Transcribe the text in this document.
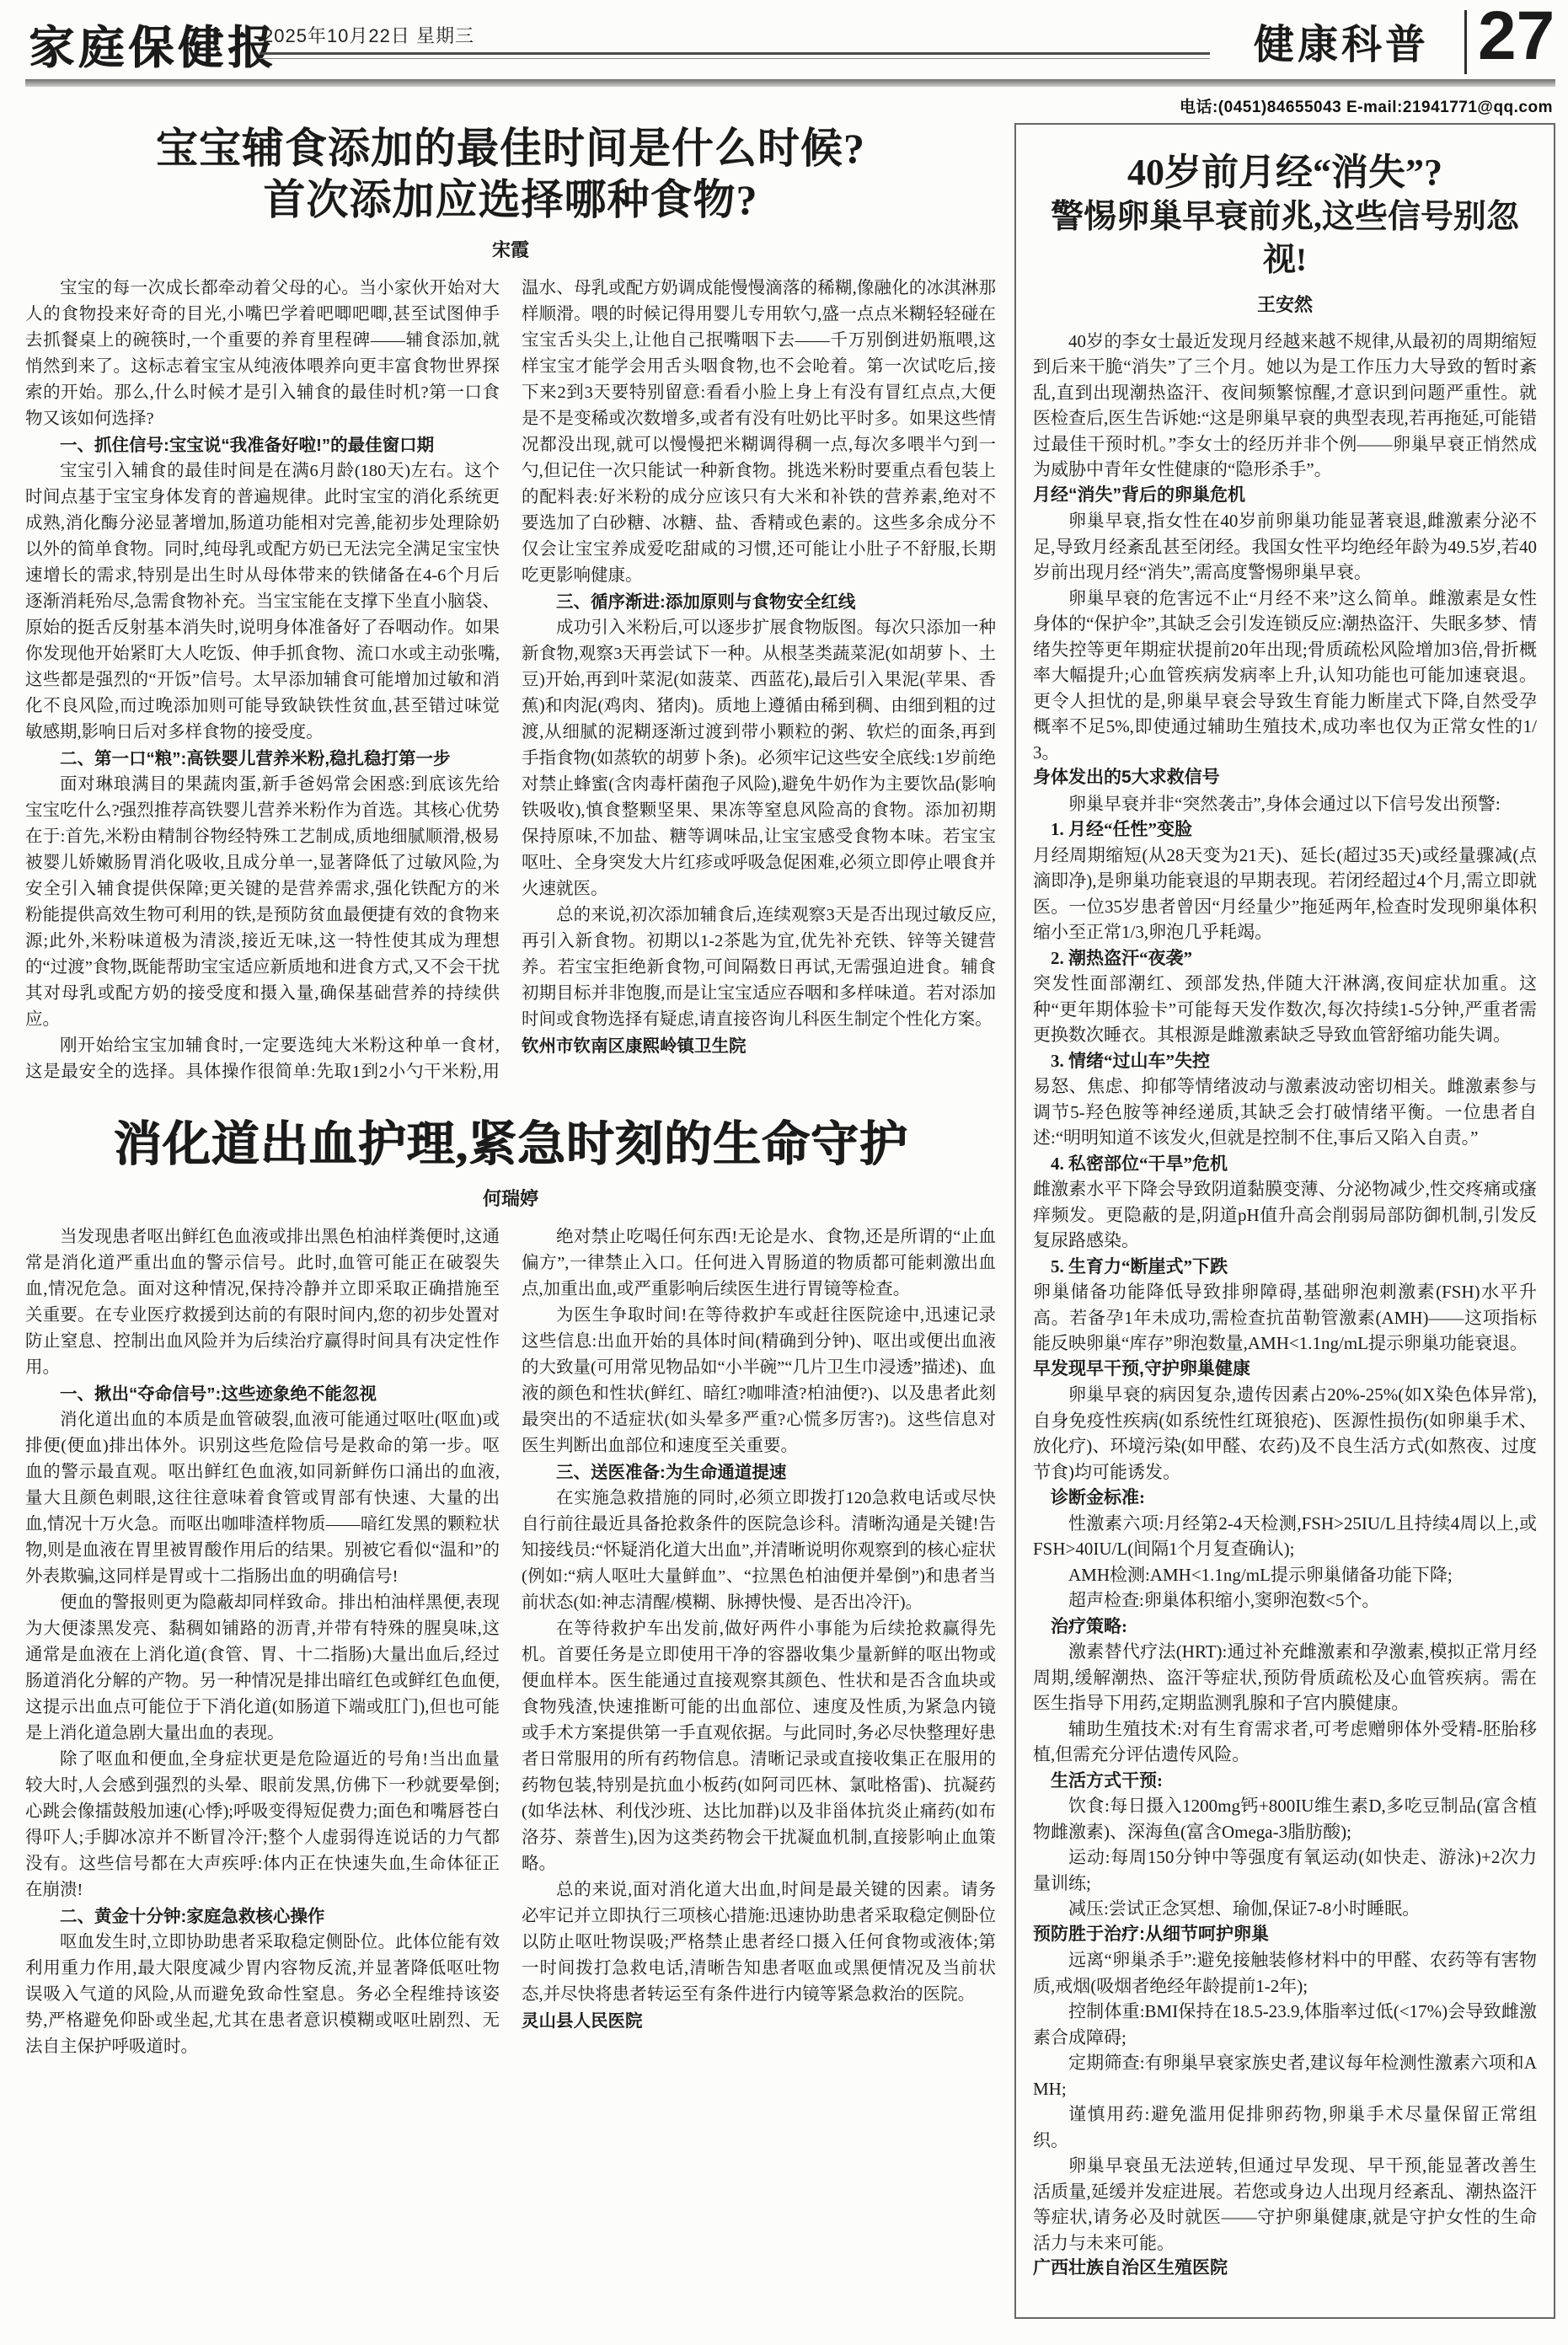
家庭保健报
2025年10月22日 星期三	健康科普 27
电话:(0451)84655043 E-mail:21941771@qq.com
宝宝辅食添加的最佳时间是什么时候?
首次添加应选择哪种食物?
宋霞

宝宝的每一次成长都牵动着父母的心。当小家伙开始对大人的食物投来好奇的目光,小嘴巴学着吧唧吧唧,甚至试图伸手去抓餐桌上的碗筷时,一个重要的养育里程碑——辅食添加,就悄然到来了。这标志着宝宝从纯液体喂养向更丰富食物世界探索的开始。那么,什么时候才是引入辅食的最佳时机?第一口食物又该如何选择?

一、抓住信号:宝宝说“我准备好啦!”的最佳窗口期

宝宝引入辅食的最佳时间是在满6月龄(180天)左右。这个时间点基于宝宝身体发育的普遍规律。此时宝宝的消化系统更成熟,消化酶分泌显著增加,肠道功能相对完善,能初步处理除奶以外的简单食物。同时,纯母乳或配方奶已无法完全满足宝宝快速增长的需求,特别是出生时从母体带来的铁储备在4-6个月后逐渐消耗殆尽,急需食物补充。当宝宝能在支撑下坐直小脑袋、原始的挺舌反射基本消失时,说明身体准备好了吞咽动作。如果你发现他开始紧盯大人吃饭、伸手抓食物、流口水或主动张嘴,这些都是强烈的“开饭”信号。太早添加辅食可能增加过敏和消化不良风险,而过晚添加则可能导致缺铁性贫血,甚至错过味觉敏感期,影响日后对多样食物的接受度。

二、第一口“粮”:高铁婴儿营养米粉,稳扎稳打第一步

面对琳琅满目的果蔬肉蛋,新手爸妈常会困惑:到底该先给宝宝吃什么?强烈推荐高铁婴儿营养米粉作为首选。其核心优势在于:首先,米粉由精制谷物经特殊工艺制成,质地细腻顺滑,极易被婴儿娇嫩肠胃消化吸收,且成分单一,显著降低了过敏风险,为安全引入辅食提供保障;更关键的是营养需求,强化铁配方的米粉能提供高效生物可利用的铁,是预防贫血最便捷有效的食物来源;此外,米粉味道极为清淡,接近无味,这一特性使其成为理想的“过渡”食物,既能帮助宝宝适应新质地和进食方式,又不会干扰其对母乳或配方奶的接受度和摄入量,确保基础营养的持续供应。

刚开始给宝宝加辅食时,一定要选纯大米粉这种单一食材,这是最安全的选择。具体操作很简单:先取1到2小勺干米粉,用温水、母乳或配方奶调成能慢慢滴落的稀糊,像融化的冰淇淋那样顺滑。喂的时候记得用婴儿专用软勺,盛一点点米糊轻轻碰在宝宝舌头尖上,让他自己抿嘴咽下去——千万别倒进奶瓶喂,这样宝宝才能学会用舌头咽食物,也不会呛着。第一次试吃后,接下来2到3天要特别留意:看看小脸上身上有没有冒红点点,大便是不是变稀或次数增多,或者有没有吐奶比平时多。如果这些情况都没出现,就可以慢慢把米糊调得稠一点,每次多喂半勺到一勺,但记住一次只能试一种新食物。挑选米粉时要重点看包装上的配料表:好米粉的成分应该只有大米和补铁的营养素,绝对不要选加了白砂糖、冰糖、盐、香精或色素的。这些多余成分不仅会让宝宝养成爱吃甜咸的习惯,还可能让小肚子不舒服,长期吃更影响健康。

三、循序渐进:添加原则与食物安全红线

成功引入米粉后,可以逐步扩展食物版图。每次只添加一种新食物,观察3天再尝试下一种。从根茎类蔬菜泥(如胡萝卜、土豆)开始,再到叶菜泥(如菠菜、西蓝花),最后引入果泥(苹果、香蕉)和肉泥(鸡肉、猪肉)。质地上遵循由稀到稠、由细到粗的过渡,从细腻的泥糊逐渐过渡到带小颗粒的粥、软烂的面条,再到手指食物(如蒸软的胡萝卜条)。必须牢记这些安全底线:1岁前绝对禁止蜂蜜(含肉毒杆菌孢子风险),避免牛奶作为主要饮品(影响铁吸收),慎食整颗坚果、果冻等窒息风险高的食物。添加初期保持原味,不加盐、糖等调味品,让宝宝感受食物本味。若宝宝呕吐、全身突发大片红疹或呼吸急促困难,必须立即停止喂食并火速就医。

总的来说,初次添加辅食后,连续观察3天是否出现过敏反应,再引入新食物。初期以1-2茶匙为宜,优先补充铁、锌等关键营养。若宝宝拒绝新食物,可间隔数日再试,无需强迫进食。辅食初期目标并非饱腹,而是让宝宝适应吞咽和多样味道。若对添加时间或食物选择有疑虑,请直接咨询儿科医生制定个性化方案。

钦州市钦南区康熙岭镇卫生院

消化道出血护理,紧急时刻的生命守护
何瑞婷

当发现患者呕出鲜红色血液或排出黑色柏油样粪便时,这通常是消化道严重出血的警示信号。此时,血管可能正在破裂失血,情况危急。面对这种情况,保持冷静并立即采取正确措施至关重要。在专业医疗救援到达前的有限时间内,您的初步处置对防止窒息、控制出血风险并为后续治疗赢得时间具有决定性作用。

一、揪出“夺命信号”:这些迹象绝不能忽视

消化道出血的本质是血管破裂,血液可能通过呕吐(呕血)或排便(便血)排出体外。识别这些危险信号是救命的第一步。呕血的警示最直观。呕出鲜红色血液,如同新鲜伤口涌出的血液,量大且颜色刺眼,这往往意味着食管或胃部有快速、大量的出血,情况十万火急。而呕出咖啡渣样物质——暗红发黑的颗粒状物,则是血液在胃里被胃酸作用后的结果。别被它看似“温和”的外表欺骗,这同样是胃或十二指肠出血的明确信号!

便血的警报则更为隐蔽却同样致命。排出柏油样黑便,表现为大便漆黑发亮、黏稠如铺路的沥青,并带有特殊的腥臭味,这通常是血液在上消化道(食管、胃、十二指肠)大量出血后,经过肠道消化分解的产物。另一种情况是排出暗红色或鲜红色血便,这提示出血点可能位于下消化道(如肠道下端或肛门),但也可能是上消化道急剧大量出血的表现。

除了呕血和便血,全身症状更是危险逼近的号角!当出血量较大时,人会感到强烈的头晕、眼前发黑,仿佛下一秒就要晕倒;心跳会像擂鼓般加速(心悸);呼吸变得短促费力;面色和嘴唇苍白得吓人;手脚冰凉并不断冒冷汗;整个人虚弱得连说话的力气都没有。这些信号都在大声疾呼:体内正在快速失血,生命体征正在崩溃!

二、黄金十分钟:家庭急救核心操作

呕血发生时,立即协助患者采取稳定侧卧位。此体位能有效利用重力作用,最大限度减少胃内容物反流,并显著降低呕吐物误吸入气道的风险,从而避免致命性窒息。务必全程维持该姿势,严格避免仰卧或坐起,尤其在患者意识模糊或呕吐剧烈、无法自主保护呼吸道时。

绝对禁止吃喝任何东西!无论是水、食物,还是所谓的“止血偏方”,一律禁止入口。任何进入胃肠道的物质都可能刺激出血点,加重出血,或严重影响后续医生进行胃镜等检查。

为医生争取时间!在等待救护车或赶往医院途中,迅速记录这些信息:出血开始的具体时间(精确到分钟)、呕出或便出血液的大致量(可用常见物品如“小半碗”“几片卫生巾浸透”描述)、血液的颜色和性状(鲜红、暗红?咖啡渣?柏油便?)、以及患者此刻最突出的不适症状(如头晕多严重?心慌多厉害?)。这些信息对医生判断出血部位和速度至关重要。

三、送医准备:为生命通道提速

在实施急救措施的同时,必须立即拨打120急救电话或尽快自行前往最近具备抢救条件的医院急诊科。清晰沟通是关键!告知接线员:“怀疑消化道大出血”,并清晰说明你观察到的核心症状(例如:“病人呕吐大量鲜血”、“拉黑色柏油便并晕倒”)和患者当前状态(如:神志清醒/模糊、脉搏快慢、是否出冷汗)。

在等待救护车出发前,做好两件小事能为后续抢救赢得先机。首要任务是立即使用干净的容器收集少量新鲜的呕出物或便血样本。医生能通过直接观察其颜色、性状和是否含血块或食物残渣,快速推断可能的出血部位、速度及性质,为紧急内镜或手术方案提供第一手直观依据。与此同时,务必尽快整理好患者日常服用的所有药物信息。清晰记录或直接收集正在服用的药物包装,特别是抗血小板药(如阿司匹林、氯吡格雷)、抗凝药(如华法林、利伐沙班、达比加群)以及非甾体抗炎止痛药(如布洛芬、萘普生),因为这类药物会干扰凝血机制,直接影响止血策略。

总的来说,面对消化道大出血,时间是最关键的因素。请务必牢记并立即执行三项核心措施:迅速协助患者采取稳定侧卧位以防止呕吐物误吸;严格禁止患者经口摄入任何食物或液体;第一时间拨打急救电话,清晰告知患者呕血或黑便情况及当前状态,并尽快将患者转运至有条件进行内镜等紧急救治的医院。

灵山县人民医院

40岁前月经“消失”?
警惕卵巢早衰前兆,这些信号别忽视!
王安然

40岁的李女士最近发现月经越来越不规律,从最初的周期缩短到后来干脆“消失”了三个月。她以为是工作压力大导致的暂时紊乱,直到出现潮热盗汗、夜间频繁惊醒,才意识到问题严重性。就医检查后,医生告诉她:“这是卵巢早衰的典型表现,若再拖延,可能错过最佳干预时机。”李女士的经历并非个例——卵巢早衰正悄然成为威胁中青年女性健康的“隐形杀手”。

月经“消失”背后的卵巢危机

卵巢早衰,指女性在40岁前卵巢功能显著衰退,雌激素分泌不足,导致月经紊乱甚至闭经。我国女性平均绝经年龄为49.5岁,若40岁前出现月经“消失”,需高度警惕卵巢早衰。

卵巢早衰的危害远不止“月经不来”这么简单。雌激素是女性身体的“保护伞”,其缺乏会引发连锁反应:潮热盗汗、失眠多梦、情绪失控等更年期症状提前20年出现;骨质疏松风险增加3倍,骨折概率大幅提升;心血管疾病发病率上升,认知功能也可能加速衰退。更令人担忧的是,卵巢早衰会导致生育能力断崖式下降,自然受孕概率不足5%,即使通过辅助生殖技术,成功率也仅为正常女性的1/3。

身体发出的5大求救信号

卵巢早衰并非“突然袭击”,身体会通过以下信号发出预警:

1. 月经“任性”变脸

月经周期缩短(从28天变为21天)、延长(超过35天)或经量骤减(点滴即净),是卵巢功能衰退的早期表现。若闭经超过4个月,需立即就医。一位35岁患者曾因“月经量少”拖延两年,检查时发现卵巢体积缩小至正常1/3,卵泡几乎耗竭。

2. 潮热盗汗“夜袭”

突发性面部潮红、颈部发热,伴随大汗淋漓,夜间症状加重。这种“更年期体验卡”可能每天发作数次,每次持续1-5分钟,严重者需更换数次睡衣。其根源是雌激素缺乏导致血管舒缩功能失调。

3. 情绪“过山车”失控

易怒、焦虑、抑郁等情绪波动与激素波动密切相关。雌激素参与调节5-羟色胺等神经递质,其缺乏会打破情绪平衡。一位患者自述:“明明知道不该发火,但就是控制不住,事后又陷入自责。”

4. 私密部位“干旱”危机

雌激素水平下降会导致阴道黏膜变薄、分泌物减少,性交疼痛或瘙痒频发。更隐蔽的是,阴道pH值升高会削弱局部防御机制,引发反复尿路感染。

5. 生育力“断崖式”下跌

卵巢储备功能降低导致排卵障碍,基础卵泡刺激素(FSH)水平升高。若备孕1年未成功,需检查抗苗勒管激素(AMH)——这项指标能反映卵巢“库存”卵泡数量,AMH<1.1ng/mL提示卵巢功能衰退。

早发现早干预,守护卵巢健康

卵巢早衰的病因复杂,遗传因素占20%-25%(如X染色体异常),自身免疫性疾病(如系统性红斑狼疮)、医源性损伤(如卵巢手术、放化疗)、环境污染(如甲醛、农药)及不良生活方式(如熬夜、过度节食)均可能诱发。

诊断金标准:

性激素六项:月经第2-4天检测,FSH>25IU/L且持续4周以上,或FSH>40IU/L(间隔1个月复查确认);

AMH检测:AMH<1.1ng/mL提示卵巢储备功能下降;

超声检查:卵巢体积缩小,窦卵泡数<5个。

治疗策略:

激素替代疗法(HRT):通过补充雌激素和孕激素,模拟正常月经周期,缓解潮热、盗汗等症状,预防骨质疏松及心血管疾病。需在医生指导下用药,定期监测乳腺和子宫内膜健康。

辅助生殖技术:对有生育需求者,可考虑赠卵体外受精-胚胎移植,但需充分评估遗传风险。

生活方式干预:

饮食:每日摄入1200mg钙+800IU维生素D,多吃豆制品(富含植物雌激素)、深海鱼(富含Omega-3脂肪酸);

运动:每周150分钟中等强度有氧运动(如快走、游泳)+2次力量训练;

减压:尝试正念冥想、瑜伽,保证7-8小时睡眠。

预防胜于治疗:从细节呵护卵巢

远离“卵巢杀手”:避免接触装修材料中的甲醛、农药等有害物质,戒烟(吸烟者绝经年龄提前1-2年);

控制体重:BMI保持在18.5-23.9,体脂率过低(<17%)会导致雌激素合成障碍;

定期筛查:有卵巢早衰家族史者,建议每年检测性激素六项和AMH;

谨慎用药:避免滥用促排卵药物,卵巢手术尽量保留正常组织。

卵巢早衰虽无法逆转,但通过早发现、早干预,能显著改善生活质量,延缓并发症进展。若您或身边人出现月经紊乱、潮热盗汗等症状,请务必及时就医——守护卵巢健康,就是守护女性的生命活力与未来可能。

广西壮族自治区生殖医院
